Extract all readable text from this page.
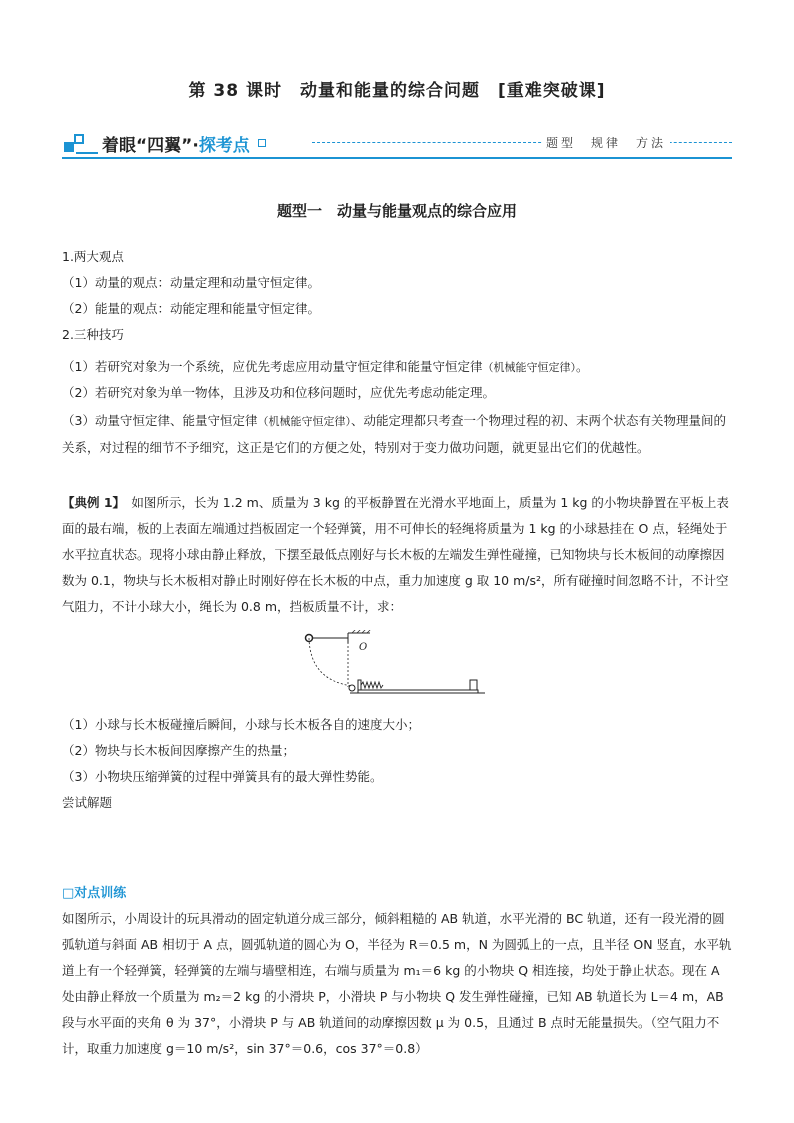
第 38 课时　动量和能量的综合问题　[重难突破课]
着眼“四翼”·探考点	题型　规律　方法
题型一　动量与能量观点的综合应用

1.两大观点

（1）动量的观点：动量定理和动量守恒定律。

（2）能量的观点：动能定理和能量守恒定律。

2.三种技巧

（1）若研究对象为一个系统，应优先考虑应用动量守恒定律和能量守恒定律（机械能守恒定律）。

（2）若研究对象为单一物体，且涉及功和位移问题时，应优先考虑动能定理。

（3）动量守恒定律、能量守恒定律（机械能守恒定律）、动能定理都只考查一个物理过程的初、末两个状态有关物理量间的关系，对过程的细节不予细究，这正是它们的方便之处，特别对于变力做功问题，就更显出它们的优越性。

【典例 1】　如图所示，长为 1.2 m、质量为 3 kg 的平板静置在光滑水平地面上，质量为 1 kg 的小物块静置在平板上表面的最右端，板的上表面左端通过挡板固定一个轻弹簧，用不可伸长的轻绳将质量为 1 kg 的小球悬挂在 O 点，轻绳处于水平拉直状态。现将小球由静止释放，下摆至最低点刚好与长木板的左端发生弹性碰撞，已知物块与长木板间的动摩擦因数为 0.1，物块与长木板相对静止时刚好停在长木板的中点，重力加速度 g 取 10 m/s²，所有碰撞时间忽略不计，不计空气阻力，不计小球大小，绳长为 0.8 m，挡板质量不计，求：

O

（1）小球与长木板碰撞后瞬间，小球与长木板各自的速度大小；

（2）物块与长木板间因摩擦产生的热量；

（3）小物块压缩弹簧的过程中弹簧具有的最大弹性势能。

尝试解题

□对点训练

如图所示，小周设计的玩具滑动的固定轨道分成三部分，倾斜粗糙的 AB 轨道，水平光滑的 BC 轨道，还有一段光滑的圆弧轨道与斜面 AB 相切于 A 点，圆弧轨道的圆心为 O，半径为 R＝0.5 m，N 为圆弧上的一点，且半径 ON 竖直，水平轨道上有一个轻弹簧，轻弹簧的左端与墙壁相连，右端与质量为 m₁＝6 kg 的小物块 Q 相连接，均处于静止状态。现在 A 处由静止释放一个质量为 m₂＝2 kg 的小滑块 P，小滑块 P 与小物块 Q 发生弹性碰撞，已知 AB 轨道长为 L＝4 m，AB 段与水平面的夹角 θ 为 37°，小滑块 P 与 AB 轨道间的动摩擦因数 μ 为 0.5，且通过 B 点时无能量损失。（空气阻力不计，取重力加速度 g＝10 m/s²，sin 37°＝0.6，cos 37°＝0.8）
